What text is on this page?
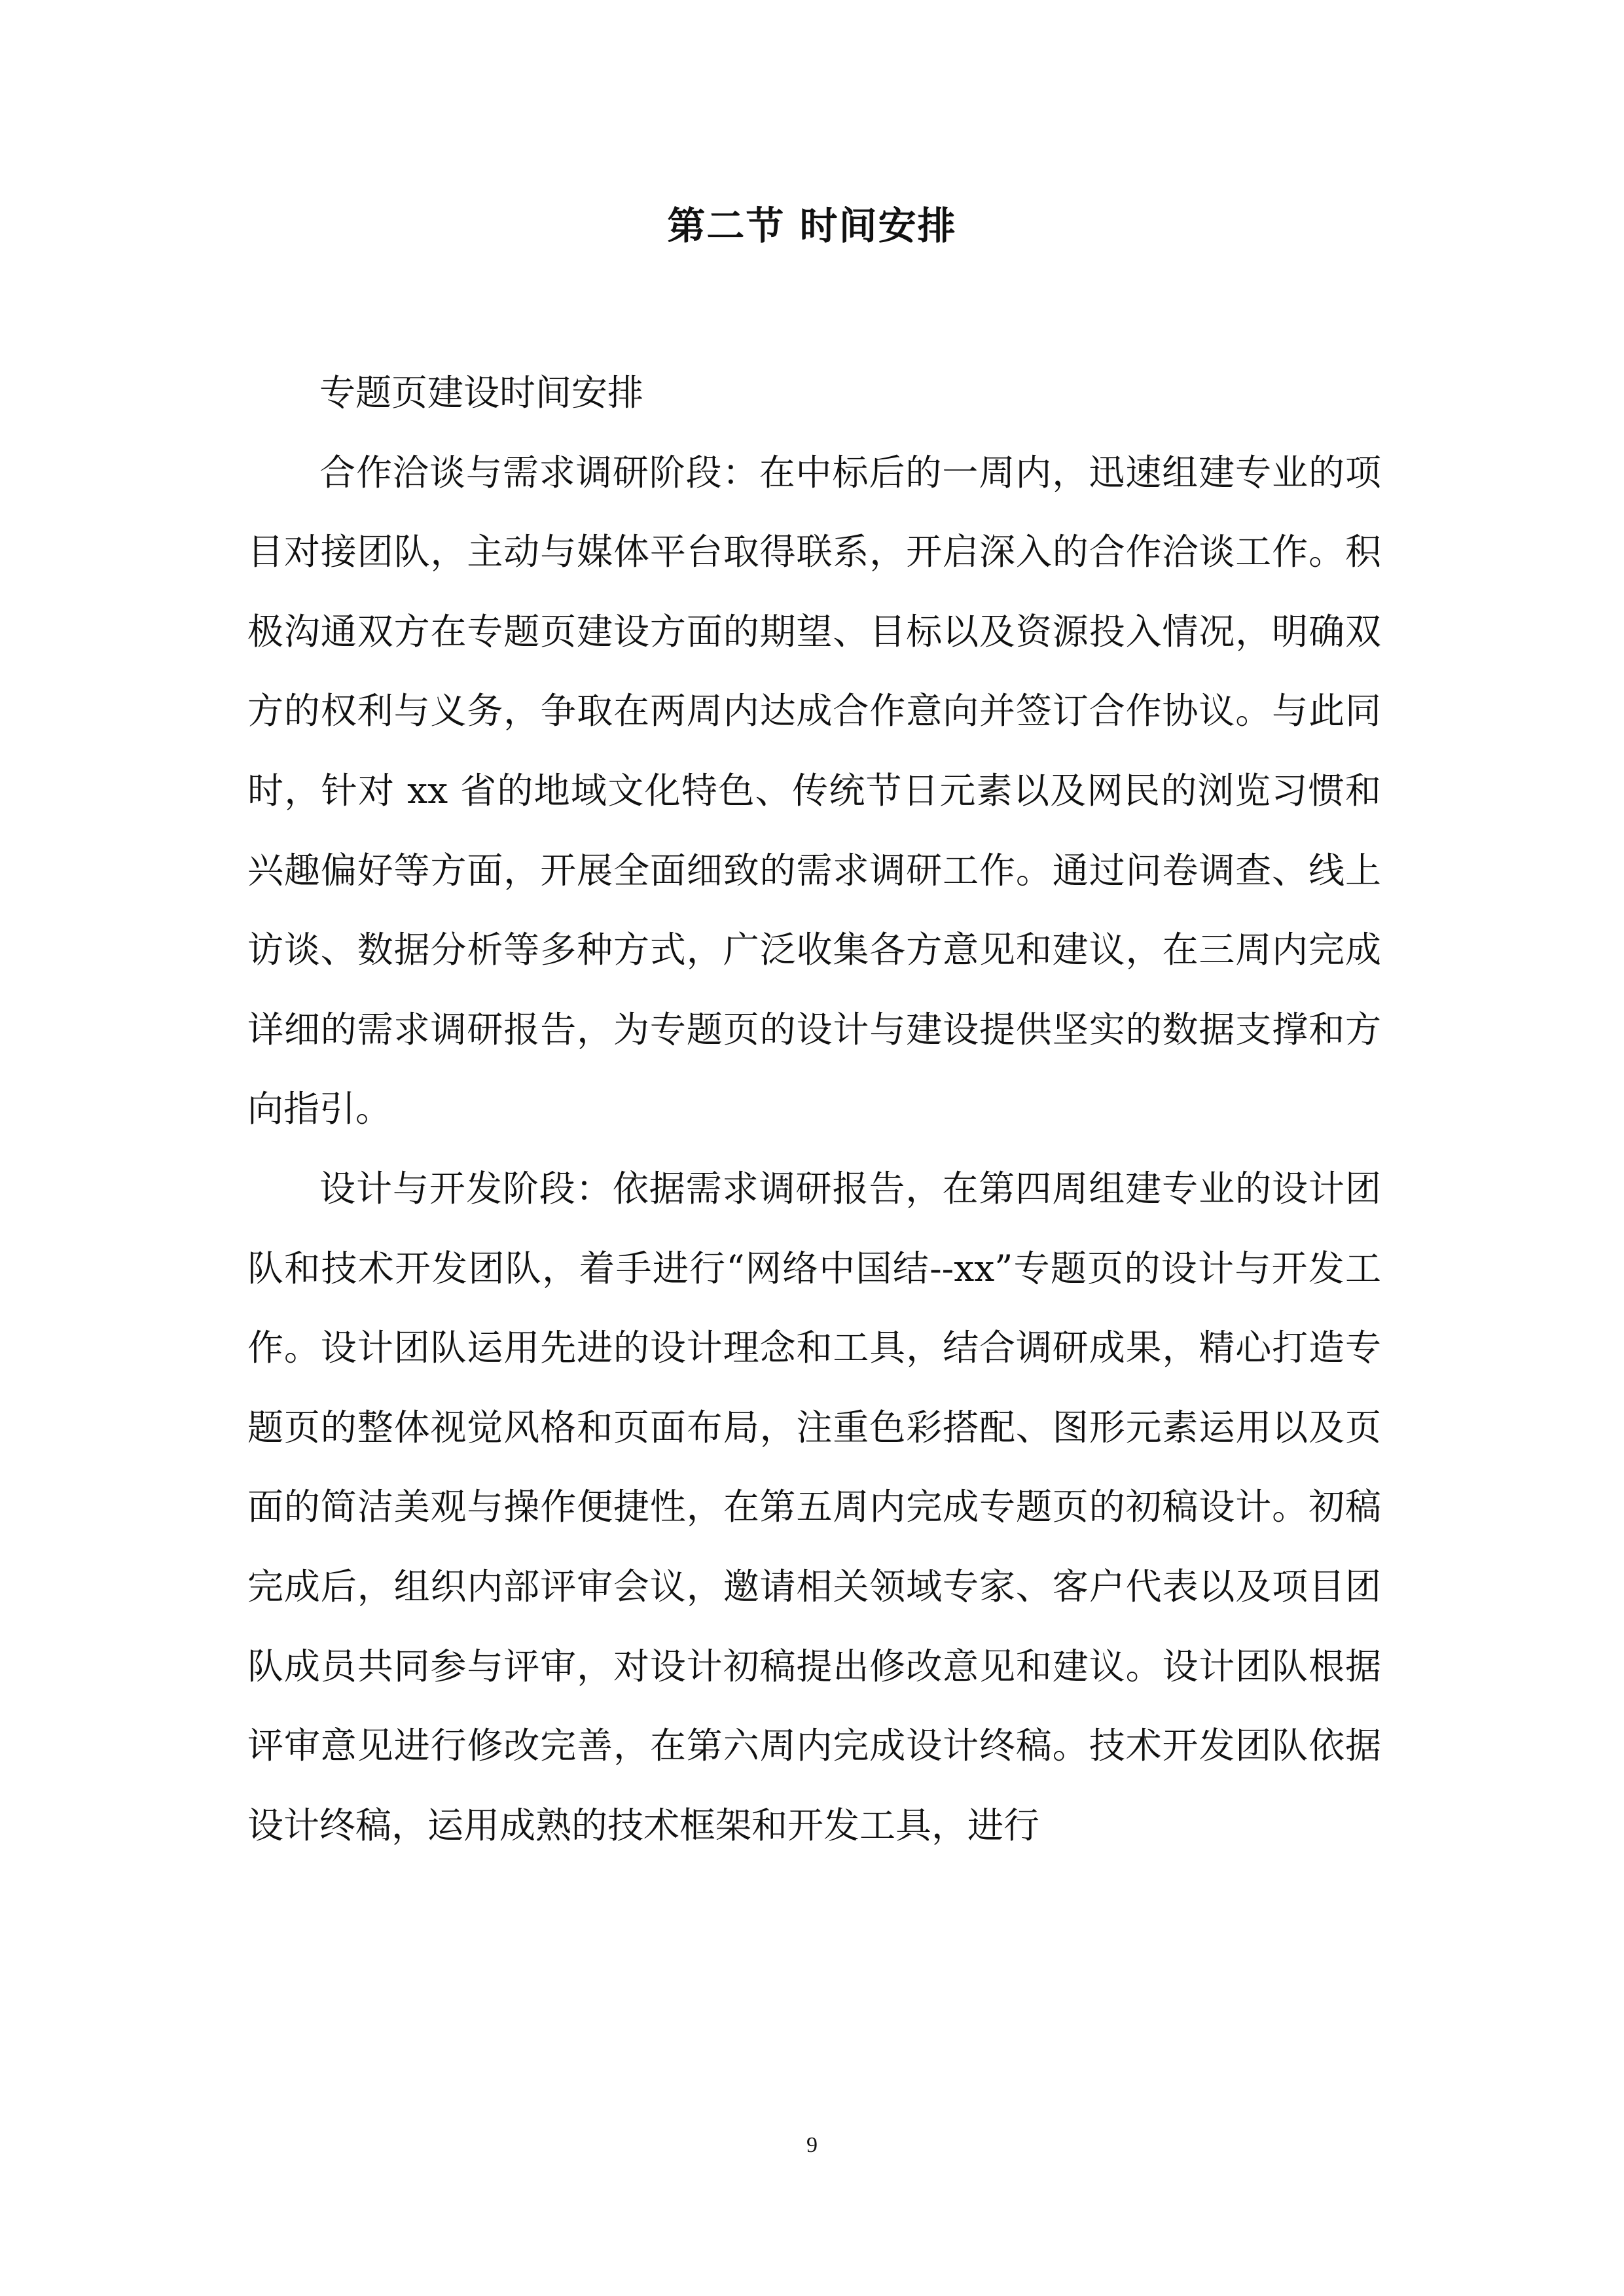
第二节 时间安排

专题页建设时间安排

合作洽谈与需求调研阶段：在中标后的一周内，迅速组建专业的项目对接团队，主动与媒体平台取得联系，开启深入的合作洽谈工作。积极沟通双方在专题页建设方面的期望、目标以及资源投入情况，明确双方的权利与义务，争取在两周内达成合作意向并签订合作协议。与此同时，针对 xx 省的地域文化特色、传统节日元素以及网民的浏览习惯和兴趣偏好等方面，开展全面细致的需求调研工作。通过问卷调查、线上访谈、数据分析等多种方式，广泛收集各方意见和建议，在三周内完成详细的需求调研报告，为专题页的设计与建设提供坚实的数据支撑和方向指引。

设计与开发阶段：依据需求调研报告，在第四周组建专业的设计团队和技术开发团队，着手进行“网络中国结--xx”专题页的设计与开发工作。设计团队运用先进的设计理念和工具，结合调研成果，精心打造专题页的整体视觉风格和页面布局，注重色彩搭配、图形元素运用以及页面的简洁美观与操作便捷性，在第五周内完成专题页的初稿设计。初稿完成后，组织内部评审会议，邀请相关领域专家、客户代表以及项目团队成员共同参与评审，对设计初稿提出修改意见和建议。设计团队根据评审意见进行修改完善，在第六周内完成设计终稿。技术开发团队依据设计终稿，运用成熟的技术框架和开发工具，进行

9
